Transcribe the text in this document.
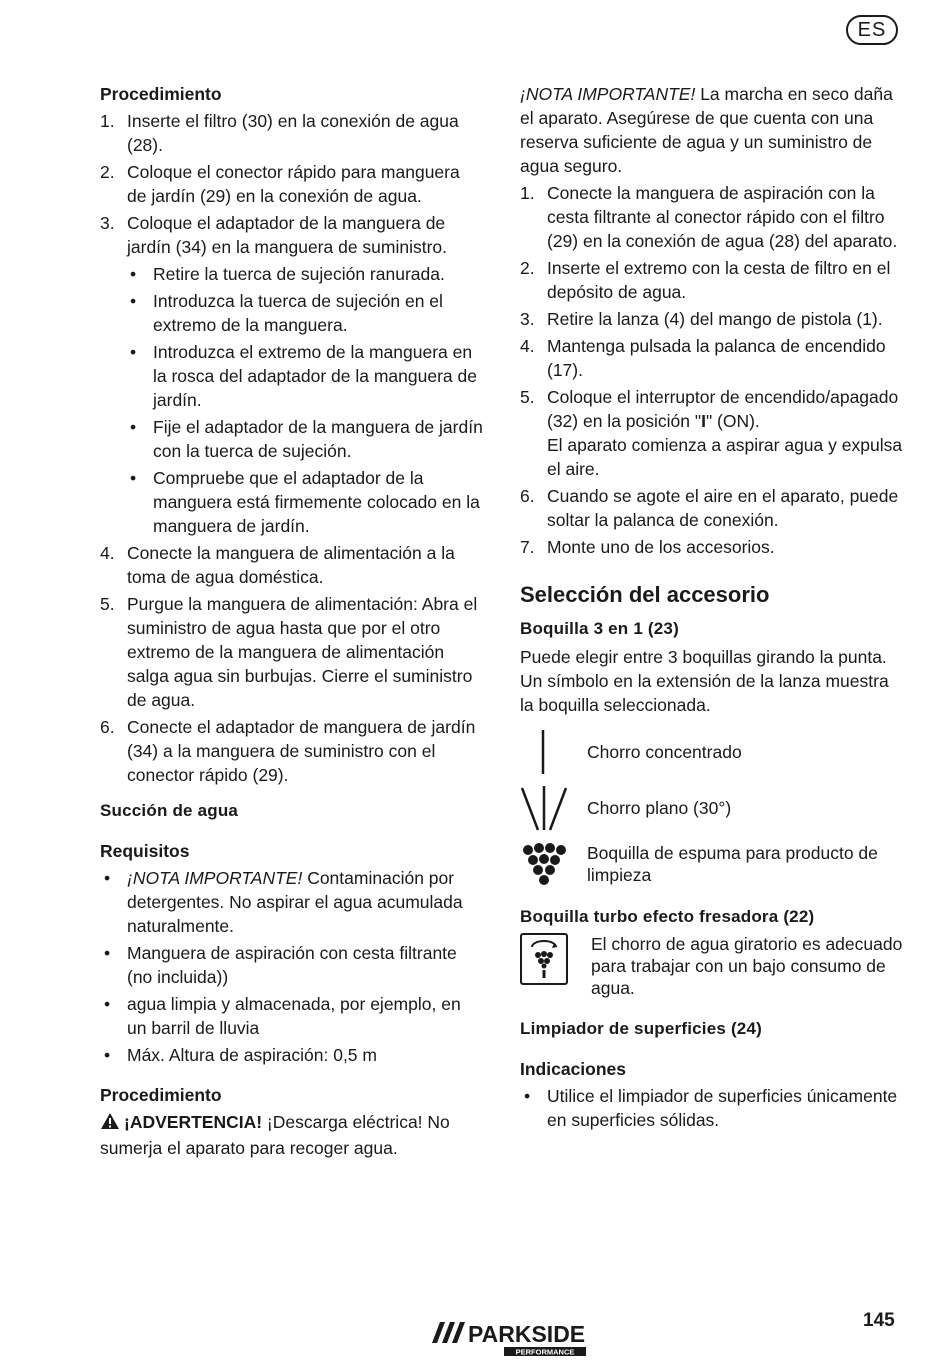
ES
Procedimiento
1. Inserte el filtro (30) en la conexión de agua (28).
2. Coloque el conector rápido para manguera de jardín (29) en la conexión de agua.
3. Coloque el adaptador de la manguera de jardín (34) en la manguera de suministro.
• Retire la tuerca de sujeción ranurada.
• Introduzca la tuerca de sujeción en el extremo de la manguera.
• Introduzca el extremo de la manguera en la rosca del adaptador de la manguera de jardín.
• Fije el adaptador de la manguera de jardín con la tuerca de sujeción.
• Compruebe que el adaptador de la manguera está firmemente colocado en la manguera de jardín.
4. Conecte la manguera de alimentación a la toma de agua doméstica.
5. Purgue la manguera de alimentación: Abra el suministro de agua hasta que por el otro extremo de la manguera de alimentación salga agua sin burbujas. Cierre el suministro de agua.
6. Conecte el adaptador de manguera de jardín (34) a la manguera de suministro con el conector rápido (29).
Succión de agua
Requisitos
• ¡NOTA IMPORTANTE! Contaminación por detergentes. No aspirar el agua acumulada naturalmente.
• Manguera de aspiración con cesta filtrante (no incluida))
• agua limpia y almacenada, por ejemplo, en un barril de lluvia
• Máx. Altura de aspiración: 0,5 m
Procedimiento

¡ADVERTENCIA! ¡Descarga eléctrica! No sumerja el aparato para recoger agua.

¡NOTA IMPORTANTE! La marcha en seco daña el aparato. Asegúrese de que cuenta con una reserva suficiente de agua y un suministro de agua seguro.

1. Conecte la manguera de aspiración con la cesta filtrante al conector rápido con el filtro (29) en la conexión de agua (28) del aparato.
2. Inserte el extremo con la cesta de filtro en el depósito de agua.
3. Retire la lanza (4) del mango de pistola (1).
4. Mantenga pulsada la palanca de encendido (17).
5. Coloque el interruptor de encendido/apagado (32) en la posición "I" (ON).
El aparato comienza a aspirar agua y expulsa el aire.
6. Cuando se agote el aire en el aparato, puede soltar la palanca de conexión.
7. Monte uno de los accesorios.
Selección del accesorio
Boquilla 3 en 1 (23)

Puede elegir entre 3 boquillas girando la punta. Un símbolo en la extensión de la lanza muestra la boquilla seleccionada.

Chorro concentrado
Chorro plano (30°)
Boquilla de espuma para producto de limpieza
Boquilla turbo efecto fresadora (22)
El chorro de agua giratorio es adecuado para trabajar con un bajo consumo de agua.
Limpiador de superficies (24)
Indicaciones
• Utilice el limpiador de superficies únicamente en superficies sólidas.
PARKSIDE
PERFORMANCE
145
